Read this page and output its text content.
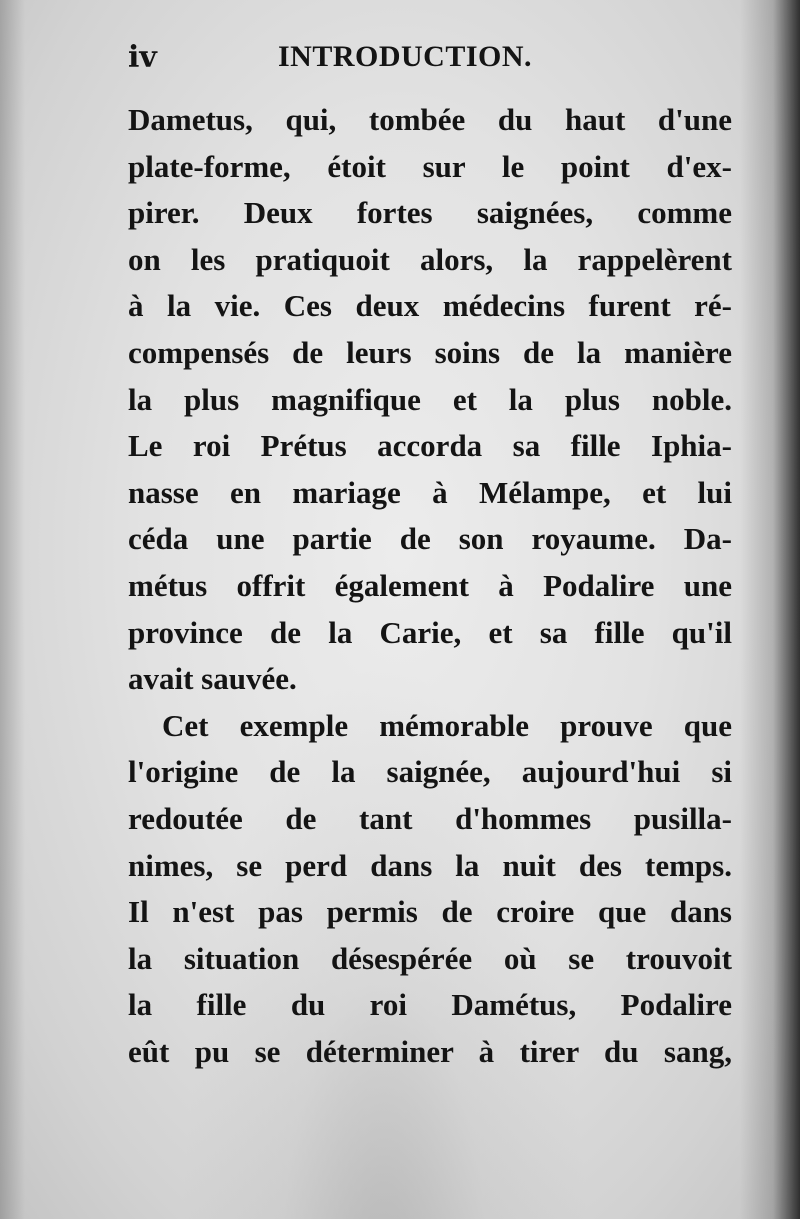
iv	INTRODUCTION.
Dametus, qui, tombée du haut d'une
plate-forme, étoit sur le point d'ex-
pirer. Deux fortes saignées, comme
on les pratiquoit alors, la rappelèrent
à la vie. Ces deux médecins furent ré-
compensés de leurs soins de la manière
la plus magnifique et la plus noble.
Le roi Prétus accorda sa fille Iphia-
nasse en mariage à Mélampe, et lui
céda une partie de son royaume. Da-
métus offrit également à Podalire une
province de la Carie, et sa fille qu'il
avait sauvée.
Cet exemple mémorable prouve que
l'origine de la saignée, aujourd'hui si
redoutée de tant d'hommes pusilla-
nimes, se perd dans la nuit des temps.
Il n'est pas permis de croire que dans
la situation désespérée où se trouvoit
la fille du roi Damétus, Podalire
eût pu se déterminer à tirer du sang,
